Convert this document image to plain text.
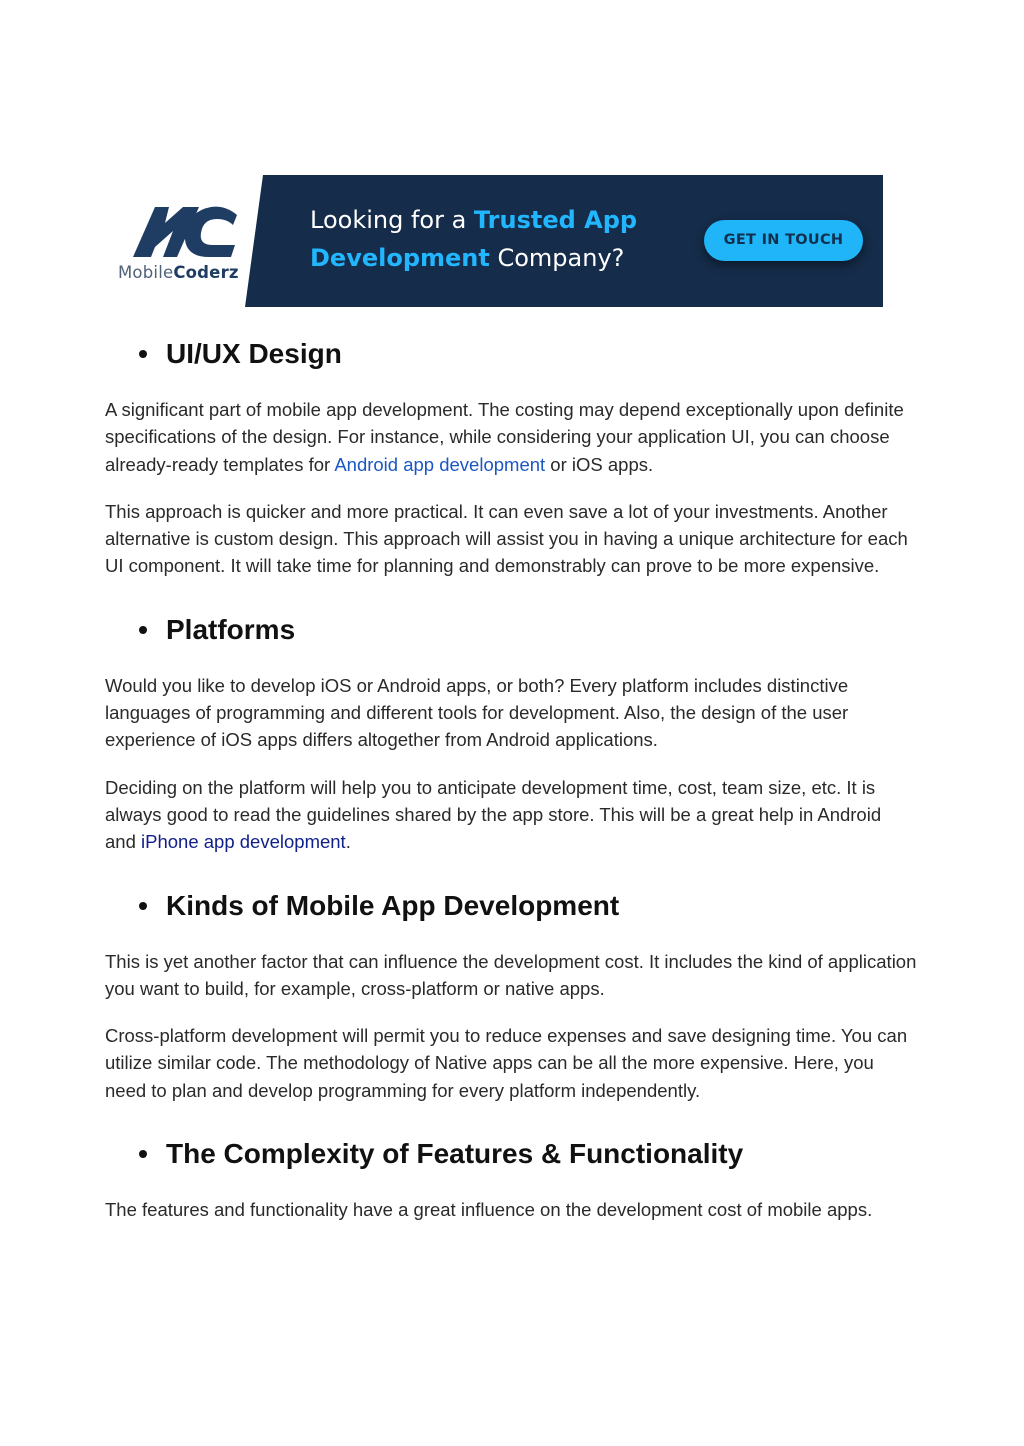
MobileCoderz
Looking for a Trusted App
Development Company?
GET IN TOUCH
UI/UX Design

A significant part of mobile app development. The costing may depend exceptionally upon definite specifications of the design. For instance, while considering your application UI, you can choose already-ready templates for Android app development or iOS apps.

This approach is quicker and more practical. It can even save a lot of your investments. Another alternative is custom design. This approach will assist you in having a unique architecture for each UI component. It will take time for planning and demonstrably can prove to be more expensive.

Platforms

Would you like to develop iOS or Android apps, or both? Every platform includes distinctive languages of programming and different tools for development. Also, the design of the user experience of iOS apps differs altogether from Android applications.

Deciding on the platform will help you to anticipate development time, cost, team size, etc. It is always good to read the guidelines shared by the app store. This will be a great help in Android and iPhone app development.

Kinds of Mobile App Development

This is yet another factor that can influence the development cost. It includes the kind of application you want to build, for example, cross-platform or native apps.

Cross-platform development will permit you to reduce expenses and save designing time. You can utilize similar code. The methodology of Native apps can be all the more expensive. Here, you need to plan and develop programming for every platform independently.

The Complexity of Features & Functionality

The features and functionality have a great influence on the development cost of mobile apps.
